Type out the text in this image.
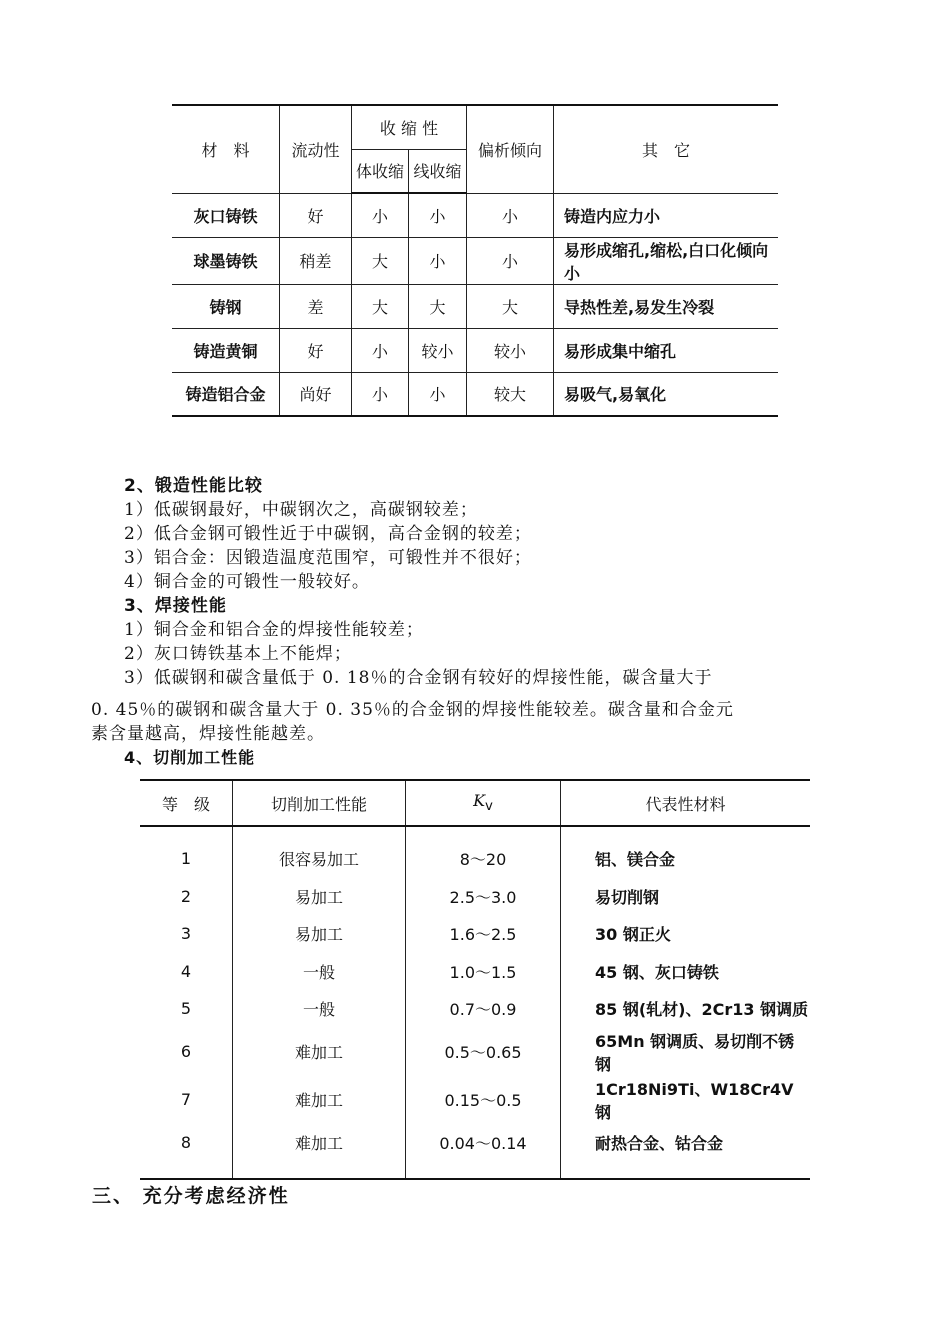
材　料	流动性	收 缩 性		偏析倾向	其　它
		体收缩	线收缩		
灰口铸铁	好	小	小	小	铸造内应力小
球墨铸铁	稍差	大	小	小	易形成缩孔,缩松,白口化倾向小
铸钢	差	大	大	大	导热性差,易发生冷裂
铸造黄铜	好	小	较小	较小	易形成集中缩孔
铸造铝合金	尚好	小	小	较大	易吸气,易氧化
2、锻造性能比较
1）低碳钢最好，中碳钢次之，高碳钢较差；
2）低合金钢可锻性近于中碳钢，高合金钢的较差；
3）铝合金：因锻造温度范围窄，可锻性并不很好；
4）铜合金的可锻性一般较好。
3、焊接性能
1）铜合金和铝合金的焊接性能较差；
2）灰口铸铁基本上不能焊；
3）低碳钢和碳含量低于 0. 18％的合金钢有较好的焊接性能，碳含量大于
0. 45％的碳钢和碳含量大于 0. 35％的合金钢的焊接性能较差。碳含量和合金元
素含量越高，焊接性能越差。
4、切削加工性能
等　级	切削加工性能	$K_v$	代表性材料
1	很容易加工	8～20	铝、镁合金
2	易加工	2.5～3.0	易切削钢
3	易加工	1.6～2.5	30 钢正火
4	一般	1.0～1.5	45 钢、灰口铸铁
5	一般	0.7～0.9	85 钢(轧材)、2Cr13 钢调质
6	难加工	0.5～0.65	65Mn 钢调质、易切削不锈钢
7	难加工	0.15～0.5	1Cr18Ni9Ti、W18Cr4V 钢
8	难加工	0.04～0.14	耐热合金、钴合金
三、 充分考虑经济性
